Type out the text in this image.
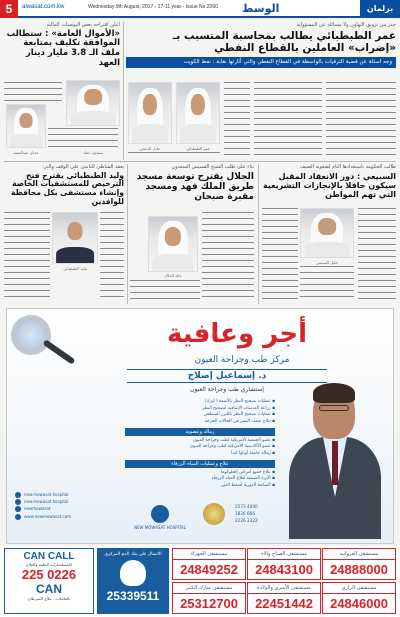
5	alwasat.com.kw	Wednesday 9th August, 2017 - 17-11 year - Issue No.2060	الوسط	برلمان
حذر من تزويق التهاون ولا مسائلة عن المسؤولية
عمر الطبطبائي يطالب بمحاسبة المتسبب بـ «إضراب» العاملين بالقطاع النفطي
وجه اسئلة عن قضية الترقيات بالواسطة في القطاع النفطي والتي أثارتها نقابة : نفط الكويت
عمر الطبطبائي
عادل الدمخي
أعلن اقتراحه بعض التوصيات المالية
«الأموال العامة» : سنطالب الموافقة تكليف بمتابعة ملف الـ 3.8 مليار دينار العهد
سعدون حماد
عدنان عبدالصمد
طالب الحكومة باستعدادها التام لصعوبة الصيف
السبيعي : دور الانعقاد المقبل سيكون حافلا بالإنجازات التشريعية التي تهم المواطن
خليل السبيعي
بناء على طلب الشيخ الفسيس السعدون
الجلال يقترح توسعة مسجد طريق الملك فهد ومسجد مقبرة صبحان
خالد الجلال
يعقد الشاطي للتأمين على الوقف والتي
وليد الطبطبائي يقترح فتح الترخيص للمستشفيات الخاصة وإنشاء مستشفى بكل محافظة للوافدين
وليد الطبطبائي
أجر وعافية
مركز طب وجراحة العيون
د. إسماعيل إصلاح
إستشاري طب وجراحة العيون
▪ عمليات تصحيح النظر بالأشعة ( ليزك)
▪ زراعة العدسات الإضافية لتصحيح النظر
▪ عمليات تصحيح النظر بالليزر السطحي
▪ علاج ضعف البصر في الحالات الحرجة
زمالة وعضوية
▪ عضو الجمعية الأمريكية لطب وجراحة العيون
▪ عضو الأكاديمية الأمريكية لطب وجراحة العيون
▪ زمالة جامعة أوتاوا كندا
علاج وعمليات المياه الزرقاء
▪ علاج جميع أمراض الجلوكوما
▪ الإبرة الصبغية لعلاج المياه الزرقاء
▪ المتابعة الدورية لضغط العين
new.mowasat.hospital
new.mowasat.hospital
newmowasat
www.newmowasat.com
NEW MOWASAT HOSPITAL
2573 4000
1826 666
2226 2322
CAN CALL
للإستفسارات الطبية والعلاج
225 0226
CAN
بالعاملات.. علاج السرطان
الاتصال على بنك الدم المركزي
25339511
مستشفى الفروانية
24888000
مستشفى الصباح والاة
24843100
مستشفى الجهراء
24849252
مستشفى الرازي
24846000
مستشفى الأميري والولادة
22451442
مستشفى مبارك الكبير
25312700
